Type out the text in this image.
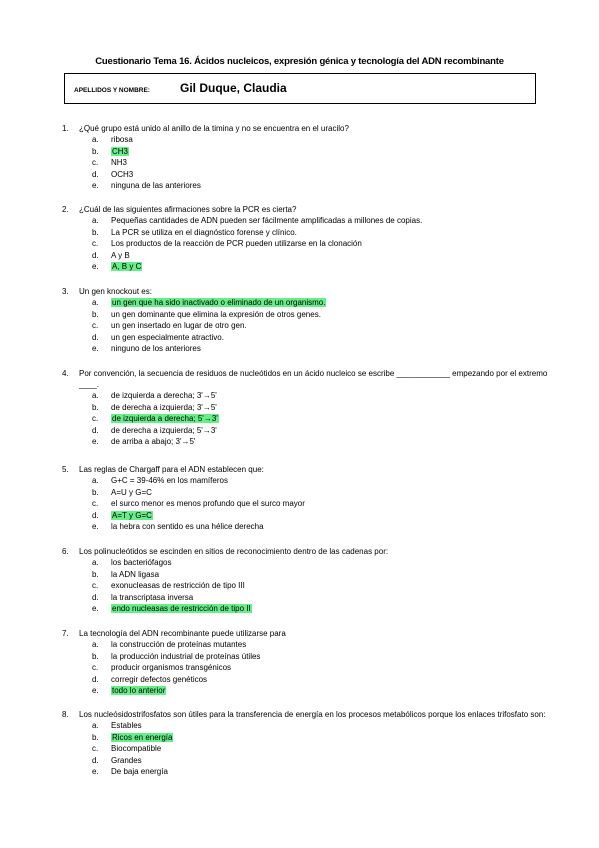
Cuestionario Tema 16. Ácidos nucleicos, expresión génica y tecnología del ADN recombinante
APELLIDOS Y NOMBRE:	Gil Duque, Claudia
1. ¿Qué grupo está unido al anillo de la timina y no se encuentra en el uracilo?
a. ribosa
b. CH3
c. NH3
d. OCH3
e. ninguna de las anteriores
2. ¿Cuál de las siguientes afirmaciones sobre la PCR es cierta?
a. Pequeñas cantidades de ADN pueden ser fácilmente amplificadas a millones de copias.
b. La PCR se utiliza en el diagnóstico forense y clínico.
c. Los productos de la reacción de PCR pueden utilizarse en la clonación
d. A y B
e. A, B y C
3. Un gen knockout es:
a. un gen que ha sido inactivado o eliminado de un organismo.
b. un gen dominante que elimina la expresión de otros genes.
c. un gen insertado en lugar de otro gen.
d. un gen especialmente atractivo.
e. ninguno de los anteriores
4. Por convención, la secuencia de residuos de nucleótidos en un ácido nucleico se escribe ____________ empezando por el extremo ____.
a. de izquierda a derecha; 3'→5'
b. de derecha a izquierda; 3'→5'
c. de izquierda a derecha; 5'→3'
d. de derecha a izquierda; 5'→3'
e. de arriba a abajo; 3'→5'
5. Las reglas de Chargaff para el ADN establecen que:
a. G+C = 39-46% en los mamíferos
b. A=U y G=C
c. el surco menor es menos profundo que el surco mayor
d. A=T y G=C
e. la hebra con sentido es una hélice derecha
6. Los polinucleótidos se escinden en sitios de reconocimiento dentro de las cadenas por:
a. los bacteriófagos
b. la ADN ligasa
c. exonucleasas de restricción de tipo III
d. la transcriptasa inversa
e. endo nucleasas de restricción de tipo II
7. La tecnología del ADN recombinante puede utilizarse para
a. la construcción de proteínas mutantes
b. la producción industrial de proteínas útiles
c. producir organismos transgénicos
d. corregir defectos genéticos
e. todo lo anterior
8. Los nucleósidostrifosfatos son útiles para la transferencia de energía en los procesos metabólicos porque los enlaces trifosfato son:
a. Estables
b. Ricos en energía
c. Biocompatible
d. Grandes
e. De baja energía
